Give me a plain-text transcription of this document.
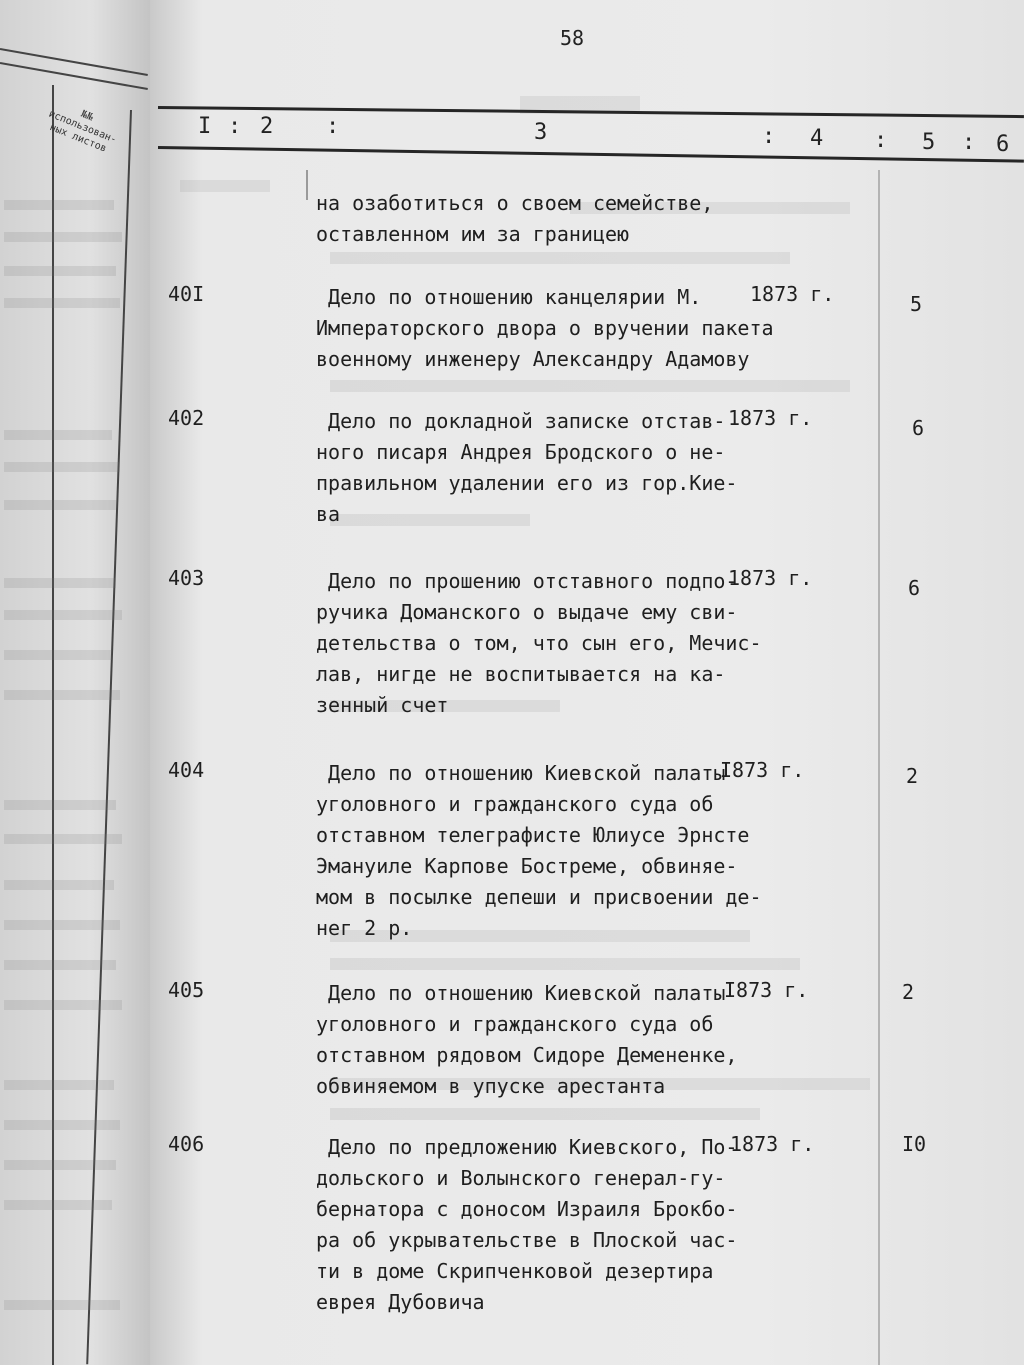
№№ использован-ных листов
58
I : 2 :	3	: 4 : 5 : 6
на озаботиться о своем семействе,
оставленном им за границею
40I	Дело по отношению канцелярии М.
Императорского двора о вручении пакета
военному инженеру Александру Адамову
1873 г.	5
402	Дело по докладной записке отстав-
ного писаря Андрея Бродского о не-
правильном удалении его из гор.Кие-
ва
1873 г.	6
403	Дело по прошению отставного подпо-
ручика Доманского о выдаче ему сви-
детельства о том, что сын его, Мечис-
лав, нигде не воспитывается на ка-
зенный счет
1873 г.	6
404	Дело по отношению Киевской палаты
уголовного и гражданского суда об
отставном телеграфисте Юлиусе Эрнсте
Эмануиле Карпове Бостреме, обвиняе-
мом в посылке депеши и присвоении де-
нег 2 р.
I873 г.	2
405	Дело по отношению Киевской палаты
уголовного и гражданского суда об
отставном рядовом Сидоре Демененке,
обвиняемом в упуске арестанта
I873 г.	2
406	Дело по предложению Киевского, По-
дольского и Волынского генерал-гу-
бернатора с доносом Израиля Брокбо-
ра об укрывательстве в Плоской час-
ти в доме Скрипченковой дезертира
еврея Дубовича
1873 г.	I0
